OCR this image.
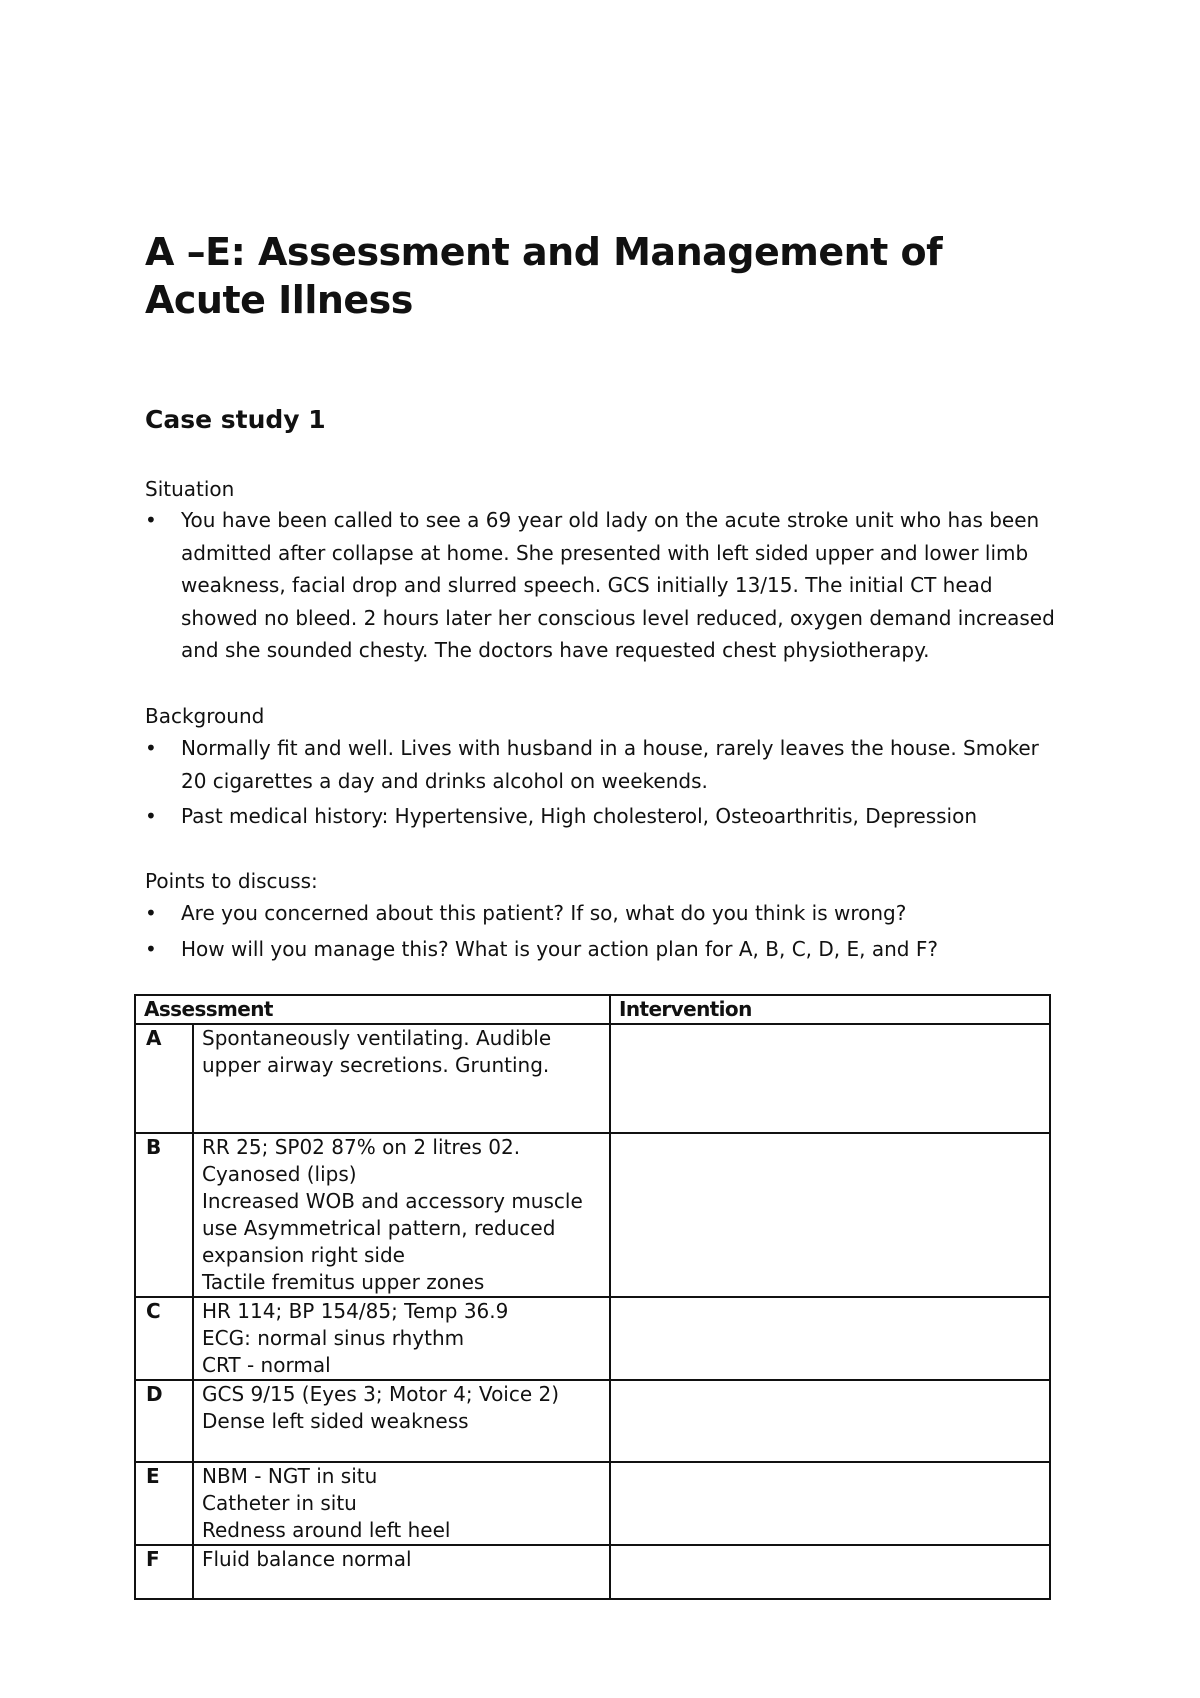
A –E: Assessment and Management of Acute Illness
Case study 1
Situation
• You have been called to see a 69 year old lady on the acute stroke unit who has been admitted after collapse at home. She presented with left sided upper and lower limb weakness, facial drop and slurred speech. GCS initially 13/15. The initial CT head showed no bleed. 2 hours later her conscious level reduced, oxygen demand increased and she sounded chesty. The doctors have requested chest physiotherapy.
Background
• Normally fit and well. Lives with husband in a house, rarely leaves the house. Smoker 20 cigarettes a day and drinks alcohol on weekends.
• Past medical history: Hypertensive, High cholesterol, Osteoarthritis, Depression
Points to discuss:
• Are you concerned about this patient? If so, what do you think is wrong?
• How will you manage this? What is your action plan for A, B, C, D, E, and F?
Assessment		Intervention
A	Spontaneously ventilating. Audible upper airway secretions. Grunting.	

B	RR 25; SP02 87% on 2 litres 02.
Cyanosed (lips)
Increased WOB and accessory muscle use Asymmetrical pattern, reduced expansion right side
Tactile fremitus upper zones	

C	HR 114; BP 154/85; Temp 36.9
ECG: normal sinus rhythm
CRT - normal	

D	GCS 9/15 (Eyes 3; Motor 4; Voice 2)
Dense left sided weakness	

E	NBM - NGT in situ
Catheter in situ
Redness around left heel	

F	Fluid balance normal	
